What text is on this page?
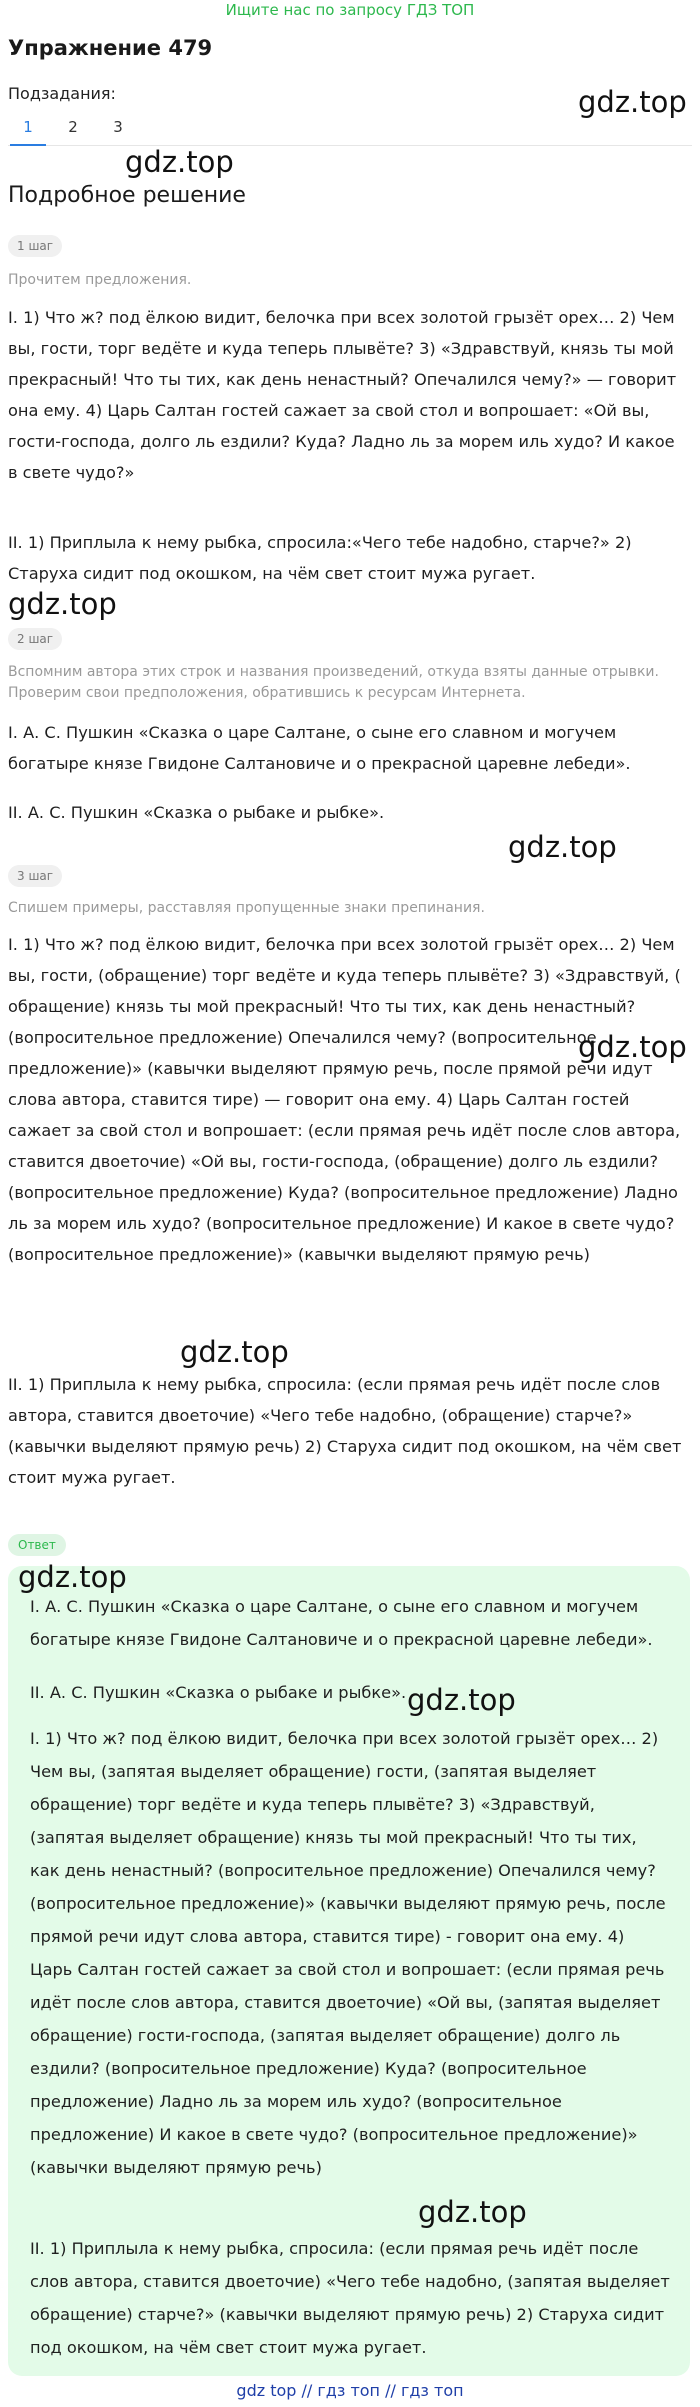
Ищите нас по запросу ГДЗ ТОП
Упражнение 479
Подзадания:
1	2	3
gdz.top
gdz.top
Подробное решение
1 шаг
Прочитем предложения.

I. 1) Что ж? под ёлкою видит, белочка при всех золотой грызёт орех… 2) Чем вы, гости, торг ведёте и куда теперь плывёте? 3) «Здравствуй, князь ты мой прекрасный! Что ты тих, как день ненастный? Опечалился чему?» — говорит она ему. 4) Царь Салтан гостей сажает за свой стол и вопрошает: «Ой вы, гости-господа, долго ль ездили? Куда? Ладно ль за морем иль худо? И какое в свете чудо?»

II. 1) Приплыла к нему рыбка, спросила:«Чего тебе надобно, старче?» 2) Старуха сидит под окошком, на чём свет стоит мужа ругает.

gdz.top
2 шаг
Вспомним автора этих строк и названия произведений, откуда взяты данные отрывки. Проверим свои предположения, обратившись к ресурсам Интернета.

I. А. С. Пушкин «Сказка о царе Салтане, о сыне его славном и могучем богатыре князе Гвидоне Салтановиче и о прекрасной царевне лебеди».

II. А. С. Пушкин «Сказка о рыбаке и рыбке».

gdz.top
3 шаг
Спишем примеры, расставляя пропущенные знаки препинания.

I. 1) Что ж? под ёлкою видит, белочка при всех золотой грызёт орех… 2) Чем вы, гости, (обращение) торг ведёте и куда теперь плывёте? 3) «Здравствуй, ( обращение) князь ты мой прекрасный! Что ты тих, как день ненастный? (вопросительное предложение) Опечалился чему? (вопросительное предложение)» (кавычки выделяют прямую речь, после прямой речи идут слова автора, ставится тире) — говорит она ему. 4) Царь Салтан гостей сажает за свой стол и вопрошает: (если прямая речь идёт после слов автора, ставится двоеточие) «Ой вы, гости-господа, (обращение) долго ль ездили? (вопросительное предложение) Куда? (вопросительное предложение) Ладно ль за морем иль худо? (вопросительное предложение) И какое в свете чудо? (вопросительное предложение)» (кавычки выделяют прямую речь)

II. 1) Приплыла к нему рыбка, спросила: (если прямая речь идёт после слов автора, ставится двоеточие) «Чего тебе надобно, (обращение) старче?» (кавычки выделяют прямую речь) 2) Старуха сидит под окошком, на чём свет стоит мужа ругает.

gdz.top
gdz.top
Ответ
gdz.top

I. А. С. Пушкин «Сказка о царе Салтане, о сыне его славном и могучем богатыре князе Гвидоне Салтановиче и о прекрасной царевне лебеди».

II. А. С. Пушкин «Сказка о рыбаке и рыбке».

I. 1) Что ж? под ёлкою видит, белочка при всех золотой грызёт орех… 2) Чем вы, (запятая выделяет обращение) гости, (запятая выделяет обращение) торг ведёте и куда теперь плывёте? 3) «Здравствуй, (запятая выделяет обращение) князь ты мой прекрасный! Что ты тих, как день ненастный? (вопросительное предложение) Опечалился чему? (вопросительное предложение)» (кавычки выделяют прямую речь, после прямой речи идут слова автора, ставится тире) - говорит она ему. 4) Царь Салтан гостей сажает за свой стол и вопрошает: (если прямая речь идёт после слов автора, ставится двоеточие) «Ой вы, (запятая выделяет обращение) гости-господа, (запятая выделяет обращение) долго ль ездили? (вопросительное предложение) Куда? (вопросительное предложение) Ладно ль за морем иль худо? (вопросительное предложение) И какое в свете чудо? (вопросительное предложение)» (кавычки выделяют прямую речь)

II. 1) Приплыла к нему рыбка, спросила: (если прямая речь идёт после слов автора, ставится двоеточие) «Чего тебе надобно, (запятая выделяет обращение) старче?» (кавычки выделяют прямую речь) 2) Старуха сидит под окошком, на чём свет стоит мужа ругает.

gdz.top
gdz.top
gdz top // гдз топ // гдз топ
